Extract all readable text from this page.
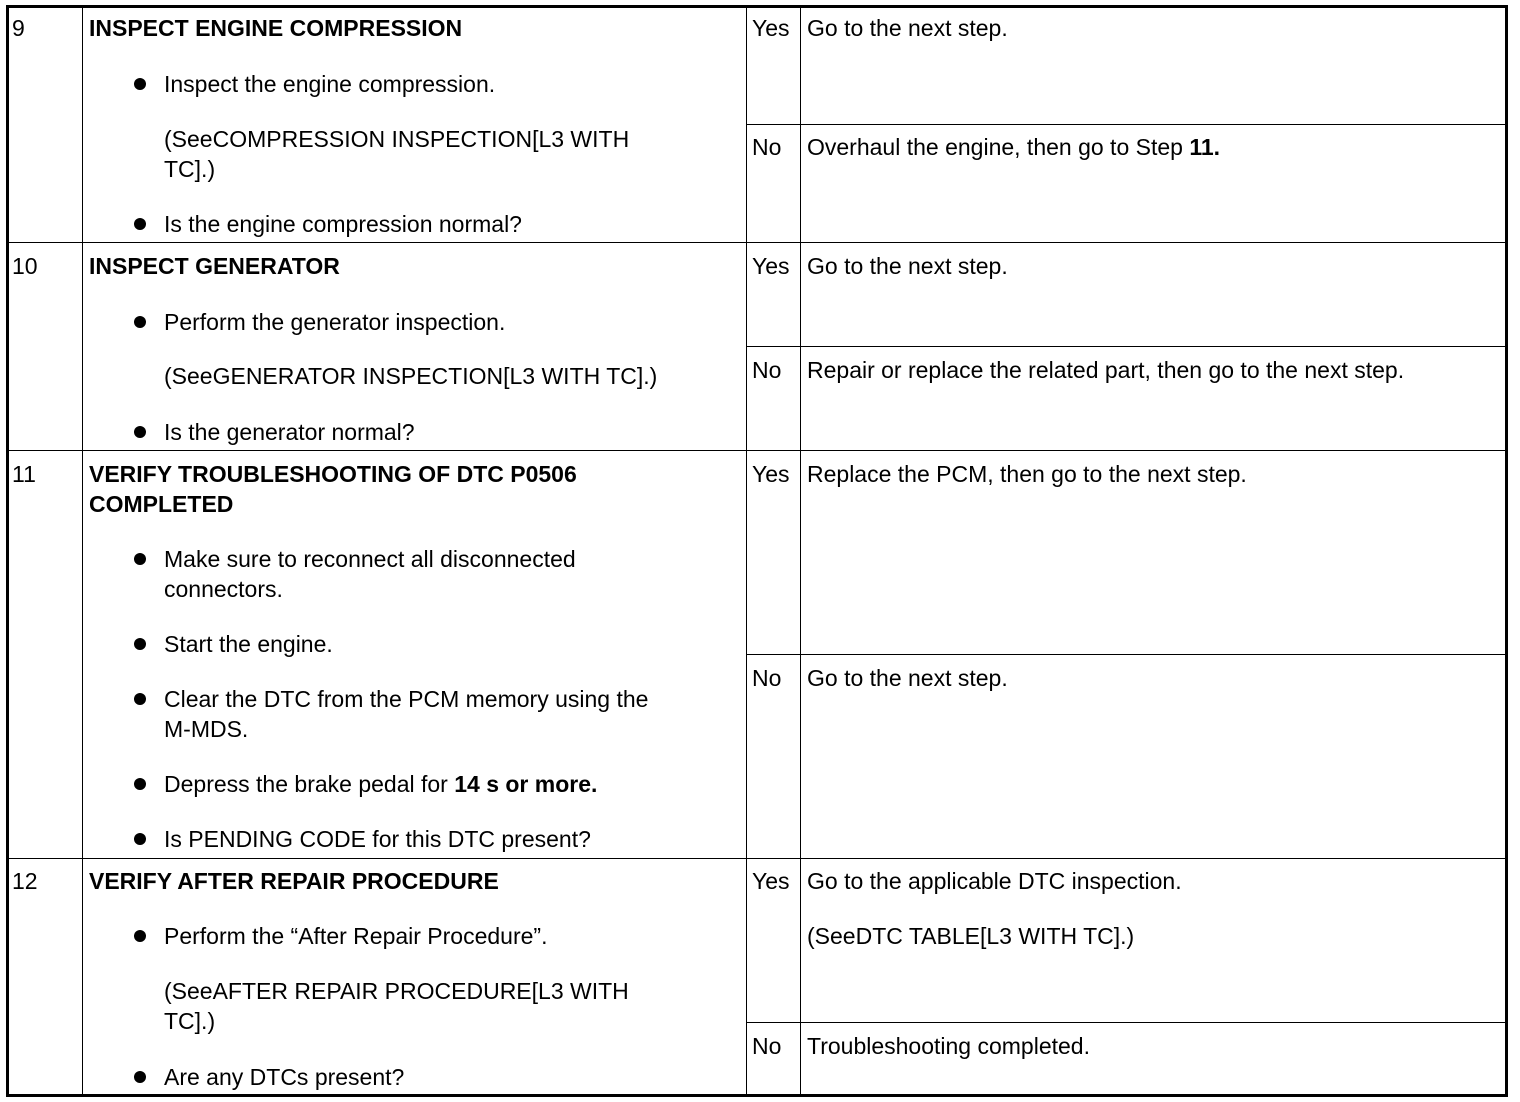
9	INSPECT ENGINE COMPRESSION
Inspect the engine compression.
(SeeCOMPRESSION INSPECTION[L3 WITH
TC].)
Is the engine compression normal?
Yes Go to the next step.
No Overhaul the engine, then go to Step 11.
10 INSPECT GENERATOR
Perform the generator inspection.
(SeeGENERATOR INSPECTION[L3 WITH TC].)
Is the generator normal?
Yes Go to the next step.
No Repair or replace the related part, then go to the next step.
11 VERIFY TROUBLESHOOTING OF DTC P0506
COMPLETED
Make sure to reconnect all disconnected
connectors.
Start the engine.
Clear the DTC from the PCM memory using the
M-MDS.
Depress the brake pedal for 14 s or more.
Is PENDING CODE for this DTC present?
Yes Replace the PCM, then go to the next step.
No Go to the next step.
12 VERIFY AFTER REPAIR PROCEDURE
Perform the “After Repair Procedure”.
(SeeAFTER REPAIR PROCEDURE[L3 WITH
TC].)
Are any DTCs present?
Yes Go to the applicable DTC inspection.
(SeeDTC TABLE[L3 WITH TC].)
No Troubleshooting completed.
